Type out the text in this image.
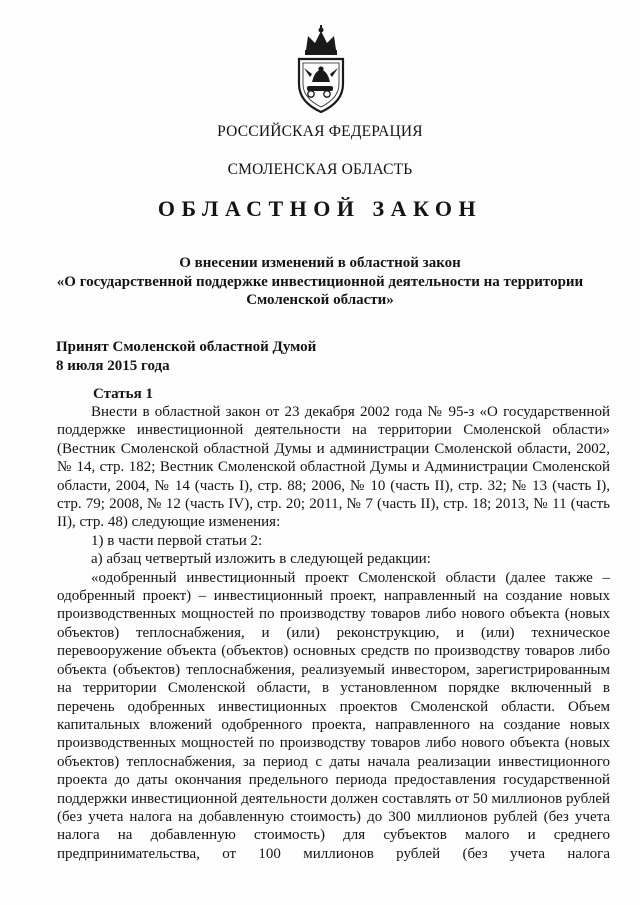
РОССИЙСКАЯ ФЕДЕРАЦИЯ
СМОЛЕНСКАЯ ОБЛАСТЬ
ОБЛАСТНОЙ ЗАКОН
О внесении изменений в областной закон
«О государственной поддержке инвестиционной деятельности на территории
Смоленской области»
Принят Смоленской областной Думой
8 июля 2015 года
Статья 1
Внести в областной закон от 23 декабря 2002 года № 95-з «О государственной поддержке инвестиционной деятельности на территории Смоленской области» (Вестник Смоленской областной Думы и администрации Смоленской области, 2002, № 14, стр. 182; Вестник Смоленской областной Думы и Администрации Смоленской области, 2004, № 14 (часть I), стр. 88; 2006, № 10 (часть II), стр. 32; № 13 (часть I), стр. 79; 2008, № 12 (часть IV), стр. 20; 2011, № 7 (часть II), стр. 18; 2013, № 11 (часть II), стр. 48) следующие изменения:
1) в части первой статьи 2:
а) абзац четвертый изложить в следующей редакции:
«одобренный инвестиционный проект Смоленской области (далее также – одобренный проект) – инвестиционный проект, направленный на создание новых производственных мощностей по производству товаров либо нового объекта (новых объектов) теплоснабжения, и (или) реконструкцию, и (или) техническое перевооружение объекта (объектов) основных средств по производству товаров либо объекта (объектов) теплоснабжения, реализуемый инвестором, зарегистрированным на территории Смоленской области, в установленном порядке включенный в перечень одобренных инвестиционных проектов Смоленской области. Объем капитальных вложений одобренного проекта, направленного на создание новых производственных мощностей по производству товаров либо нового объекта (новых объектов) теплоснабжения, за период с даты начала реализации инвестиционного проекта до даты окончания предельного периода предоставления государственной поддержки инвестиционной деятельности должен составлять от 50 миллионов рублей (без учета налога на добавленную стоимость) до 300 миллионов рублей (без учета налога на добавленную стоимость) для субъектов малого и среднего предпринимательства, от 100 миллионов рублей (без учета налога
